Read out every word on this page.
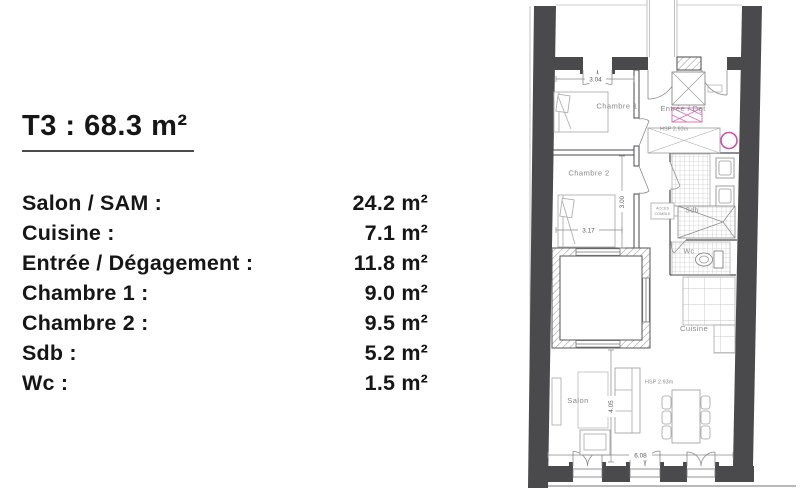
T3 : 68.3 m²
Salon / SAM :	24.2 m²
Cuisine :	7.1 m²
Entrée / Dégagement :	11.8 m²
Chambre 1 :	9.0 m²
Chambre 2 :	9.5 m²
Sdb :	5.2 m²
Wc :	1.5 m²
ACCES
COMBLE
3.04
3.00
3.17
4.05
6.08
Chambre 1
Chambre 2
Entrée / Dgt
Sdb
Wc
Cuisine
Salon
HSP 2.93m
HSP 2.93m
